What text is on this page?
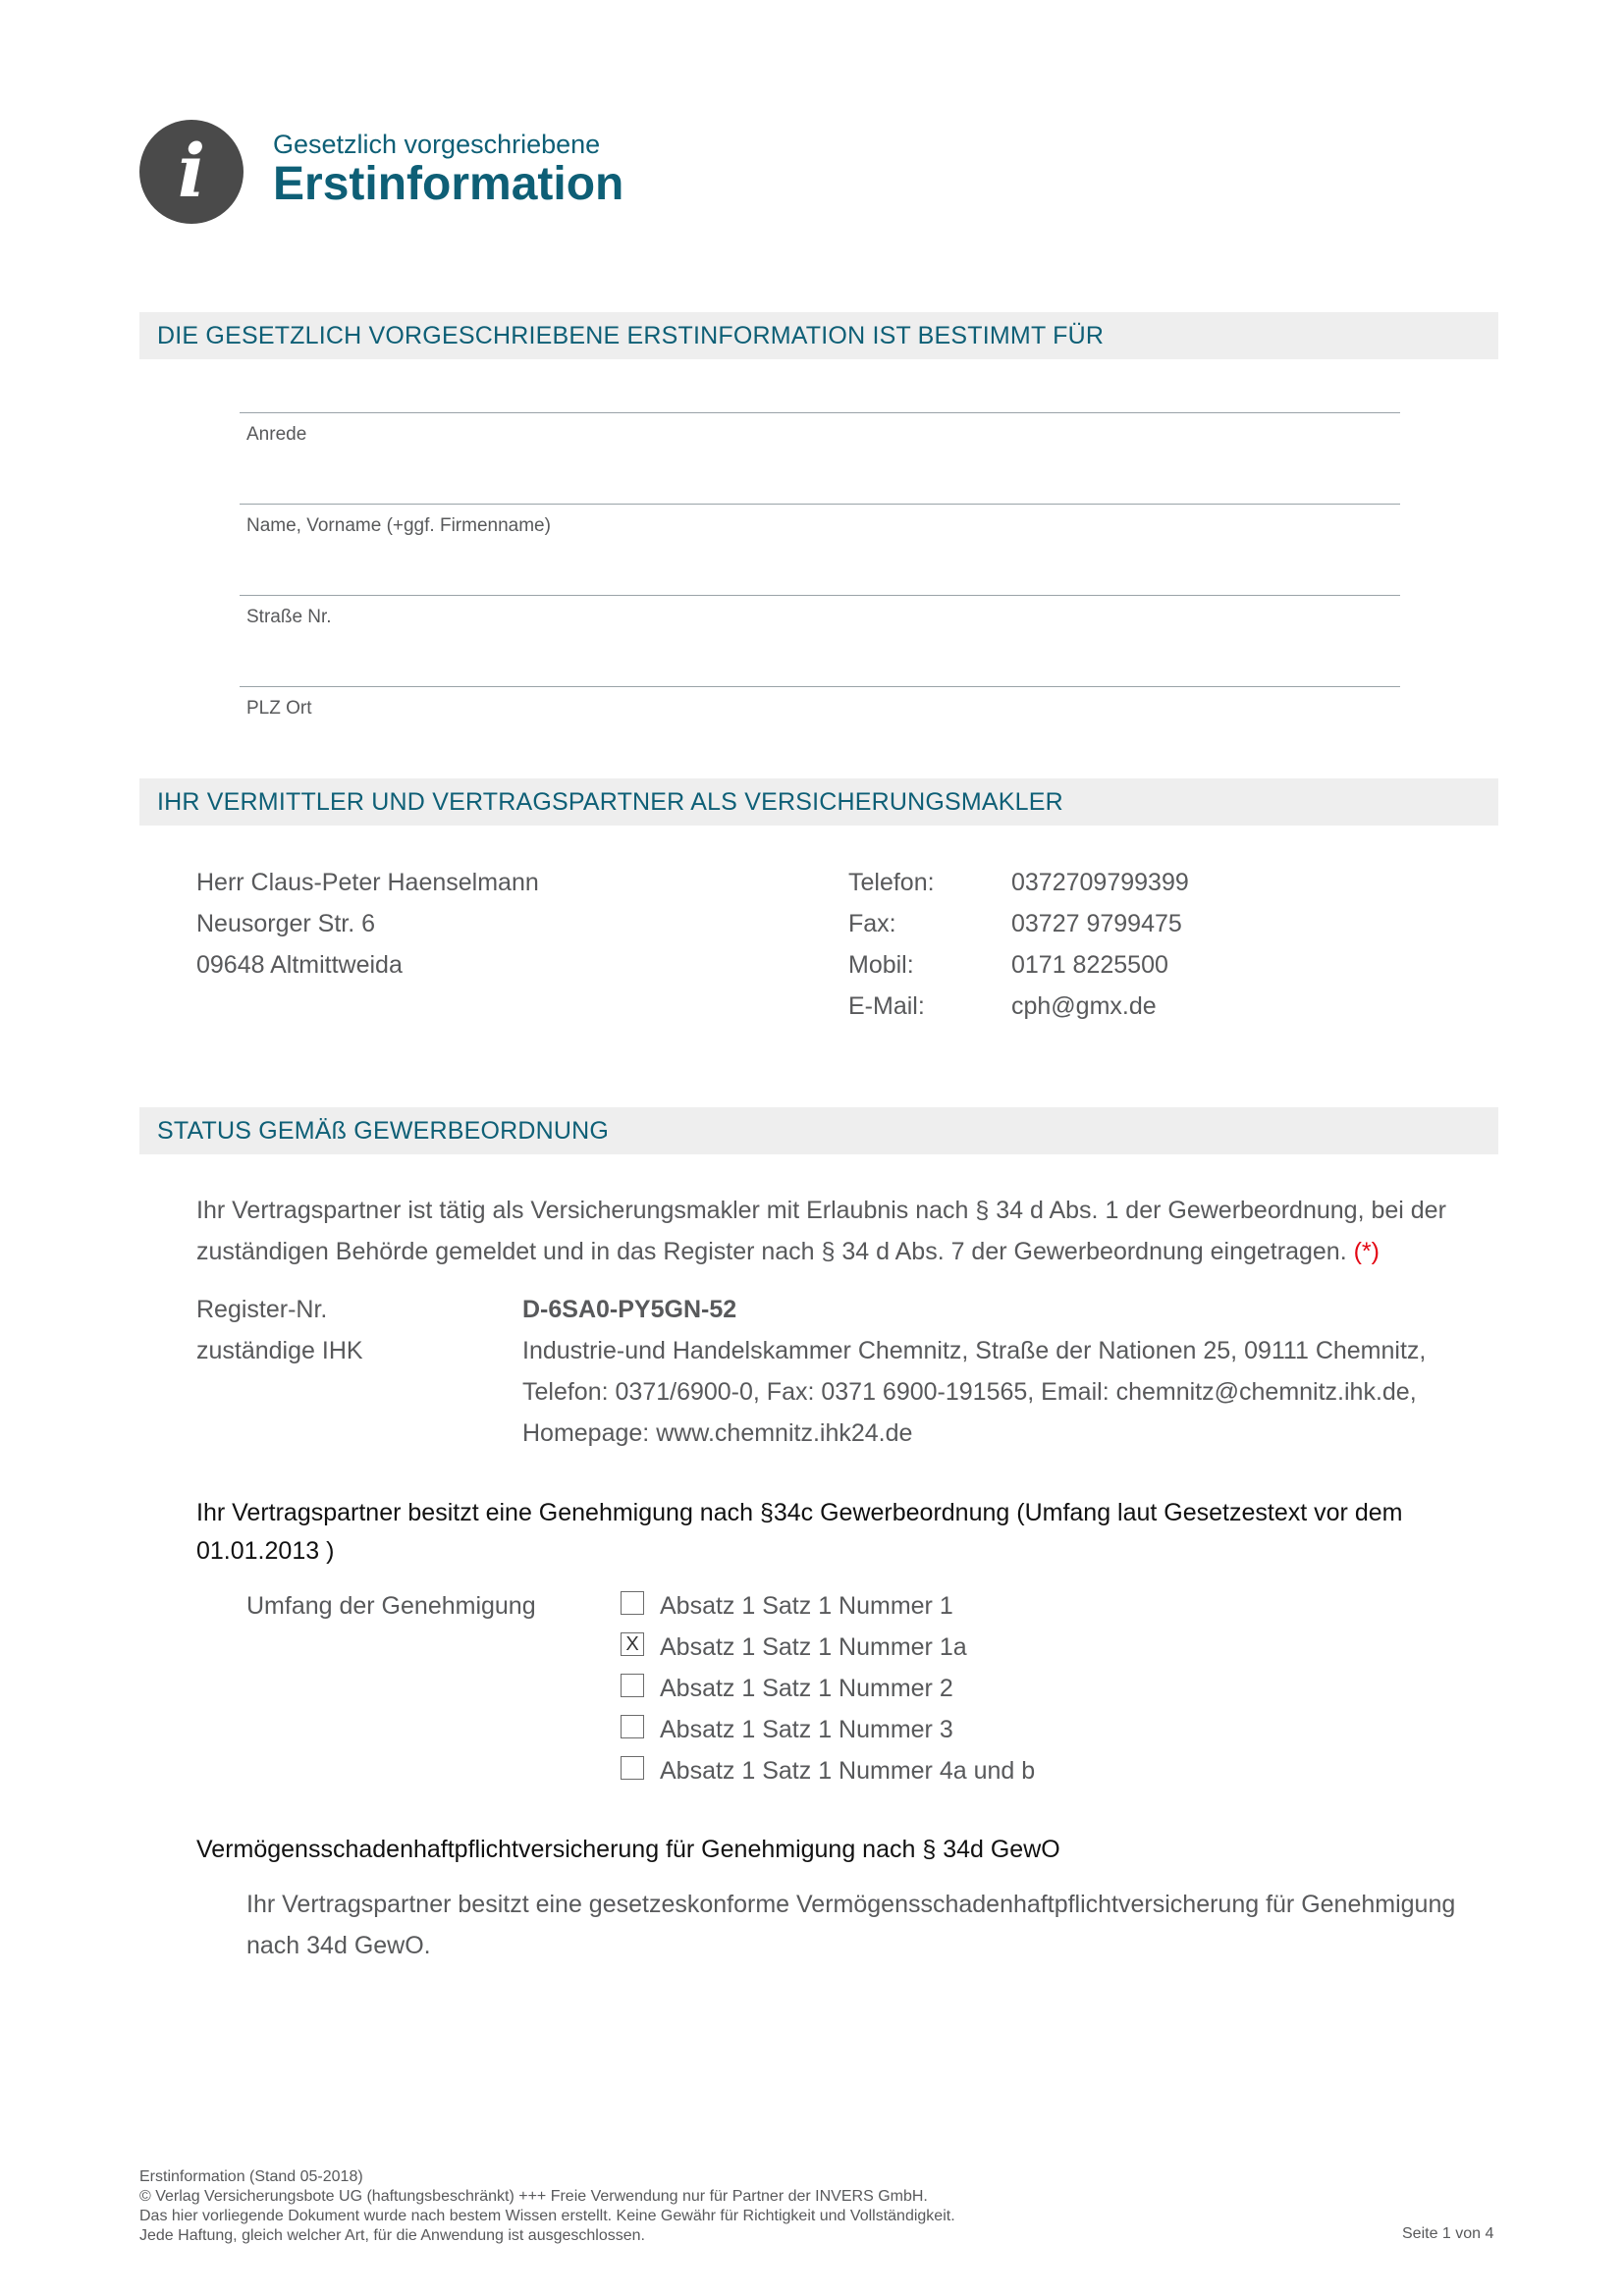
i	Gesetzlich vorgeschriebene
Erstinformation
DIE GESETZLICH VORGESCHRIEBENE ERSTINFORMATION IST BESTIMMT FÜR
Anrede
Name, Vorname (+ggf. Firmenname)
Straße Nr.
PLZ Ort
IHR VERMITTLER UND VERTRAGSPARTNER ALS VERSICHERUNGSMAKLER
Herr Claus-Peter Haenselmann
Neusorger Str. 6
09648 Altmittweida
Telefon:	0372709799399
Fax:	03727 9799475
Mobil:	0171 8225500
E-Mail:	cph@gmx.de
STATUS GEMÄß GEWERBEORDNUNG
Ihr Vertragspartner ist tätig als Versicherungsmakler mit Erlaubnis nach § 34 d Abs. 1 der Gewerbeordnung, bei der
zuständigen Behörde gemeldet und in das Register nach § 34 d Abs. 7 der Gewerbeordnung eingetragen. (*)
Register-Nr.	D-6SA0-PY5GN-52
zuständige IHK	Industrie-und Handelskammer Chemnitz, Straße der Nationen 25, 09111 Chemnitz,
Telefon: 0371/6900-0, Fax: 0371 6900-191565, Email: chemnitz@chemnitz.ihk.de,
Homepage: www.chemnitz.ihk24.de
Ihr Vertragspartner besitzt eine Genehmigung nach §34c Gewerbeordnung (Umfang laut Gesetzestext vor dem
01.01.2013 )
Umfang der Genehmigung	Absatz 1 Satz 1 Nummer 1
X Absatz 1 Satz 1 Nummer 1a
Absatz 1 Satz 1 Nummer 2
Absatz 1 Satz 1 Nummer 3
Absatz 1 Satz 1 Nummer 4a und b
Vermögensschadenhaftpflichtversicherung für Genehmigung nach § 34d GewO
Ihr Vertragspartner besitzt eine gesetzeskonforme Vermögensschadenhaftpflichtversicherung für Genehmigung
nach 34d GewO.
Erstinformation (Stand 05-2018)
© Verlag Versicherungsbote UG (haftungsbeschränkt) +++ Freie Verwendung nur für Partner der INVERS GmbH.
Das hier vorliegende Dokument wurde nach bestem Wissen erstellt. Keine Gewähr für Richtigkeit und Vollständigkeit.
Jede Haftung, gleich welcher Art, für die Anwendung ist ausgeschlossen.	Seite 1 von 4
